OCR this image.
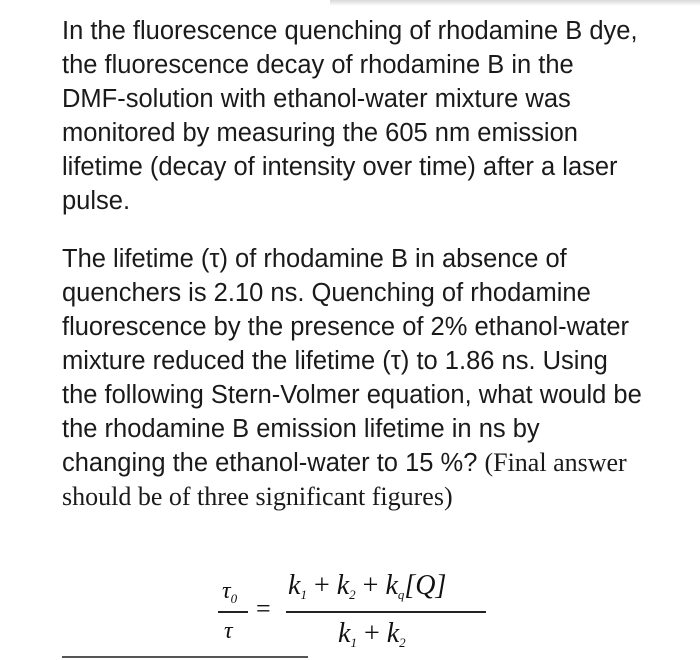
In the fluorescence quenching of rhodamine B dye, the fluorescence decay of rhodamine B in the DMF-solution with ethanol-water mixture was monitored by measuring the 605 nm emission lifetime (decay of intensity over time) after a laser pulse.

The lifetime (τ) of rhodamine B in absence of quenchers is 2.10 ns. Quenching of rhodamine fluorescence by the presence of 2% ethanol-water mixture reduced the lifetime (τ) to 1.86 ns. Using the following Stern-Volmer equation, what would be the rhodamine B emission lifetime in ns by changing the ethanol-water to 15 %? (Final answer should be of three significant figures)

$\tau_0$
τ
=
k1 + k2 + kq[Q]
k1 + k2
